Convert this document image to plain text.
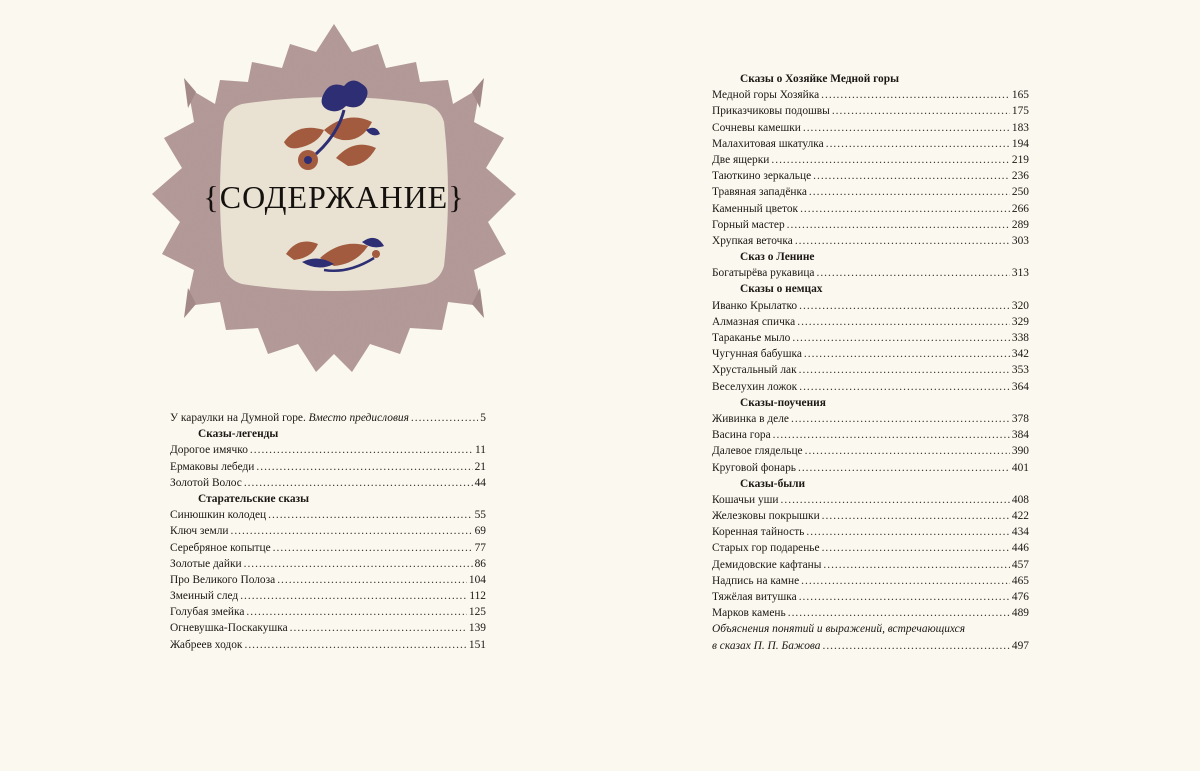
{СОДЕРЖАНИЕ}
У караулки на Думной горе. Вместо предисловия .....	5
Сказы-легенды
Дорогое имячко .....	11
Ермаковы лебеди .....	21
Золотой Волос .....	44
Старательские сказы
Синюшкин колодец .....	55
Ключ земли .....	69
Серебряное копытце .....	77
Золотые дайки .....	86
Про Великого Полоза .....	104
Змеиный след .....	112
Голубая змейка .....	125
Огневушка-Поскакушка .....	139
Жабреев ходок .....	151
Сказы о Хозяйке Медной горы
Медной горы Хозяйка .....	165
Приказчиковы подошвы .....	175
Сочневы камешки .....	183
Малахитовая шкатулка .....	194
Две ящерки .....	219
Таюткино зеркальце .....	236
Травяная западёнка .....	250
Каменный цветок .....	266
Горный мастер .....	289
Хрупкая веточка .....	303
Сказ о Ленине
Богатырёва рукавица .....	313
Сказы о немцах
Иванко Крылатко .....	320
Алмазная спичка .....	329
Тараканье мыло .....	338
Чугунная бабушка .....	342
Хрустальный лак .....	353
Веселухин ложок .....	364
Сказы-поучения
Живинка в деле .....	378
Васина гора .....	384
Далевое глядельце .....	390
Круговой фонарь .....	401
Сказы-были
Кошачьи уши .....	408
Железковы покрышки .....	422
Коренная тайность .....	434
Старых гор подаренье .....	446
Демидовские кафтаны .....	457
Надпись на камне .....	465
Тяжёлая витушка .....	476
Марков камень .....	489
Объяснения понятий и выражений, встречающихся
в сказах П. П. Бажова .....	497
